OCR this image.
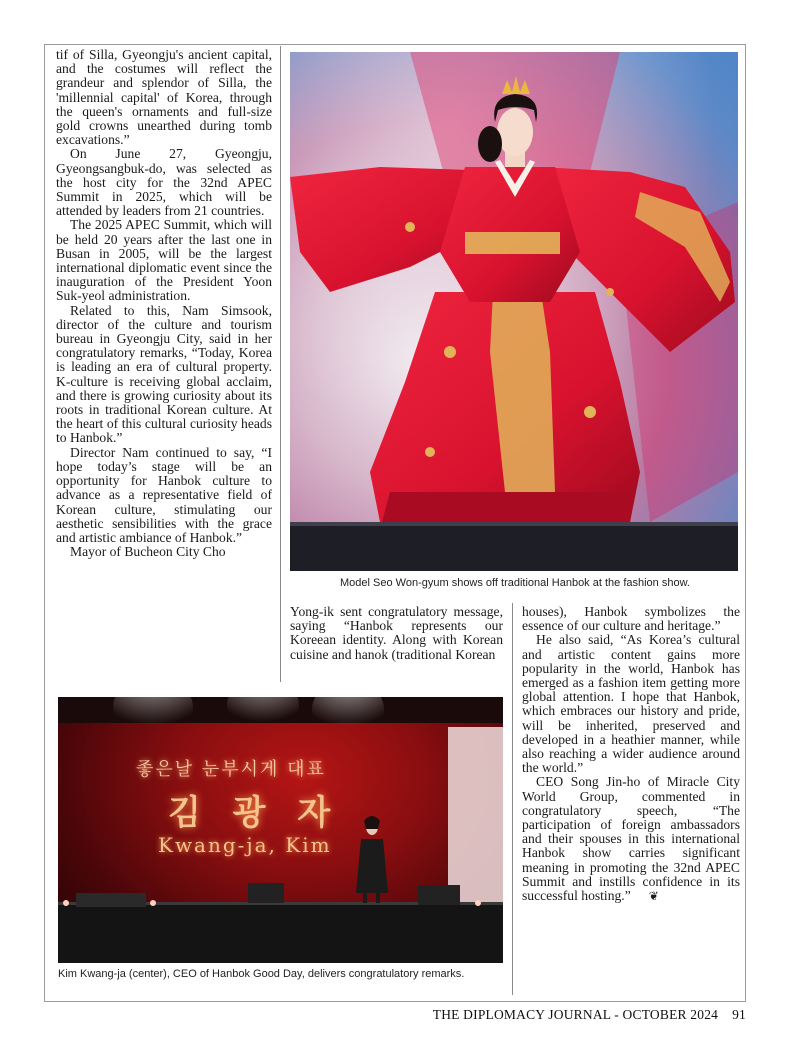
tif of Silla, Gyeongju's ancient capital, and the costumes will reflect the grandeur and splendor of Silla, the 'millennial capital' of Korea, through the queen's ornaments and full-size gold crowns unearthed during tomb excavations.”

On June 27, Gyeongju, Gyeongsangbuk-do, was selected as the host city for the 32nd APEC Summit in 2025, which will be attended by leaders from 21 countries.

The 2025 APEC Summit, which will be held 20 years after the last one in Busan in 2005, will be the largest international diplomatic event since the inauguration of the President Yoon Suk-yeol administration.

Related to this, Nam Simsook, director of the culture and tourism bureau in Gyeongju City, said in her congratulatory remarks, “Today, Korea is leading an era of cultural property. K-culture is receiving global acclaim, and there is growing curiosity about its roots in traditional Korean culture. At the heart of this cultural curiosity heads to Hanbok.”

Director Nam continued to say, “I hope today’s stage will be an opportunity for Hanbok culture to advance as a representative field of Korean culture, stimulating our aesthetic sensibilities with the grace and artistic ambiance of Hanbok.”

Mayor of Bucheon City Cho

Model Seo Won-gyum shows off traditional Hanbok at the fashion show.

Yong-ik sent congratulatory message, saying “Hanbok represents our Koreean identity. Along with Korean cuisine and hanok (traditional Korean

houses), Hanbok symbolizes the essence of our culture and heritage.”

He also said, “As Korea’s cultural and artistic content gains more popularity in the world, Hanbok has emerged as a fashion item getting more global attention. I hope that Hanbok, which embraces our history and pride, will be inherited, preserved and developed in a heathier manner, while also reaching a wider audience around the world.”

CEO Song Jin-ho of Miracle City World Group, commented in congratulatory speech, “The participation of foreign ambassadors and their spouses in this international Hanbok show carries significant meaning in promoting the 32nd APEC Summit and instills confidence in its successful hosting.” ❦

좋은날 눈부시게 대표
김 광 자
Kwang-ja, Kim
Kim Kwang-ja (center), CEO of Hanbok Good Day, delivers congratulatory remarks.
THE DIPLOMACY JOURNAL - OCTOBER 2024 91
